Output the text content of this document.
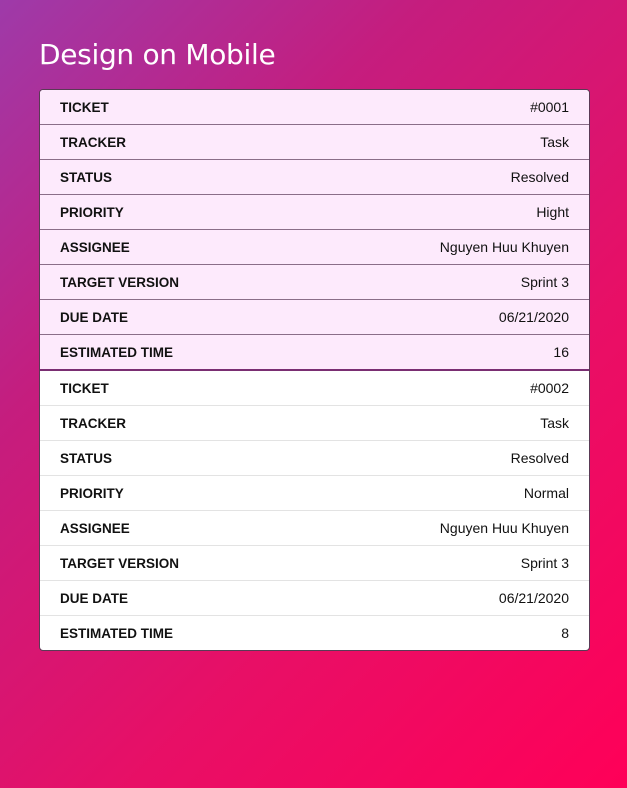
Design on Mobile
TICKET	#0001
TRACKER	Task
STATUS	Resolved
PRIORITY	Hight
ASSIGNEE	Nguyen Huu Khuyen
TARGET VERSION	Sprint 3
DUE DATE	06/21/2020
ESTIMATED TIME	16
TICKET	#0002
TRACKER	Task
STATUS	Resolved
PRIORITY	Normal
ASSIGNEE	Nguyen Huu Khuyen
TARGET VERSION	Sprint 3
DUE DATE	06/21/2020
ESTIMATED TIME	8
